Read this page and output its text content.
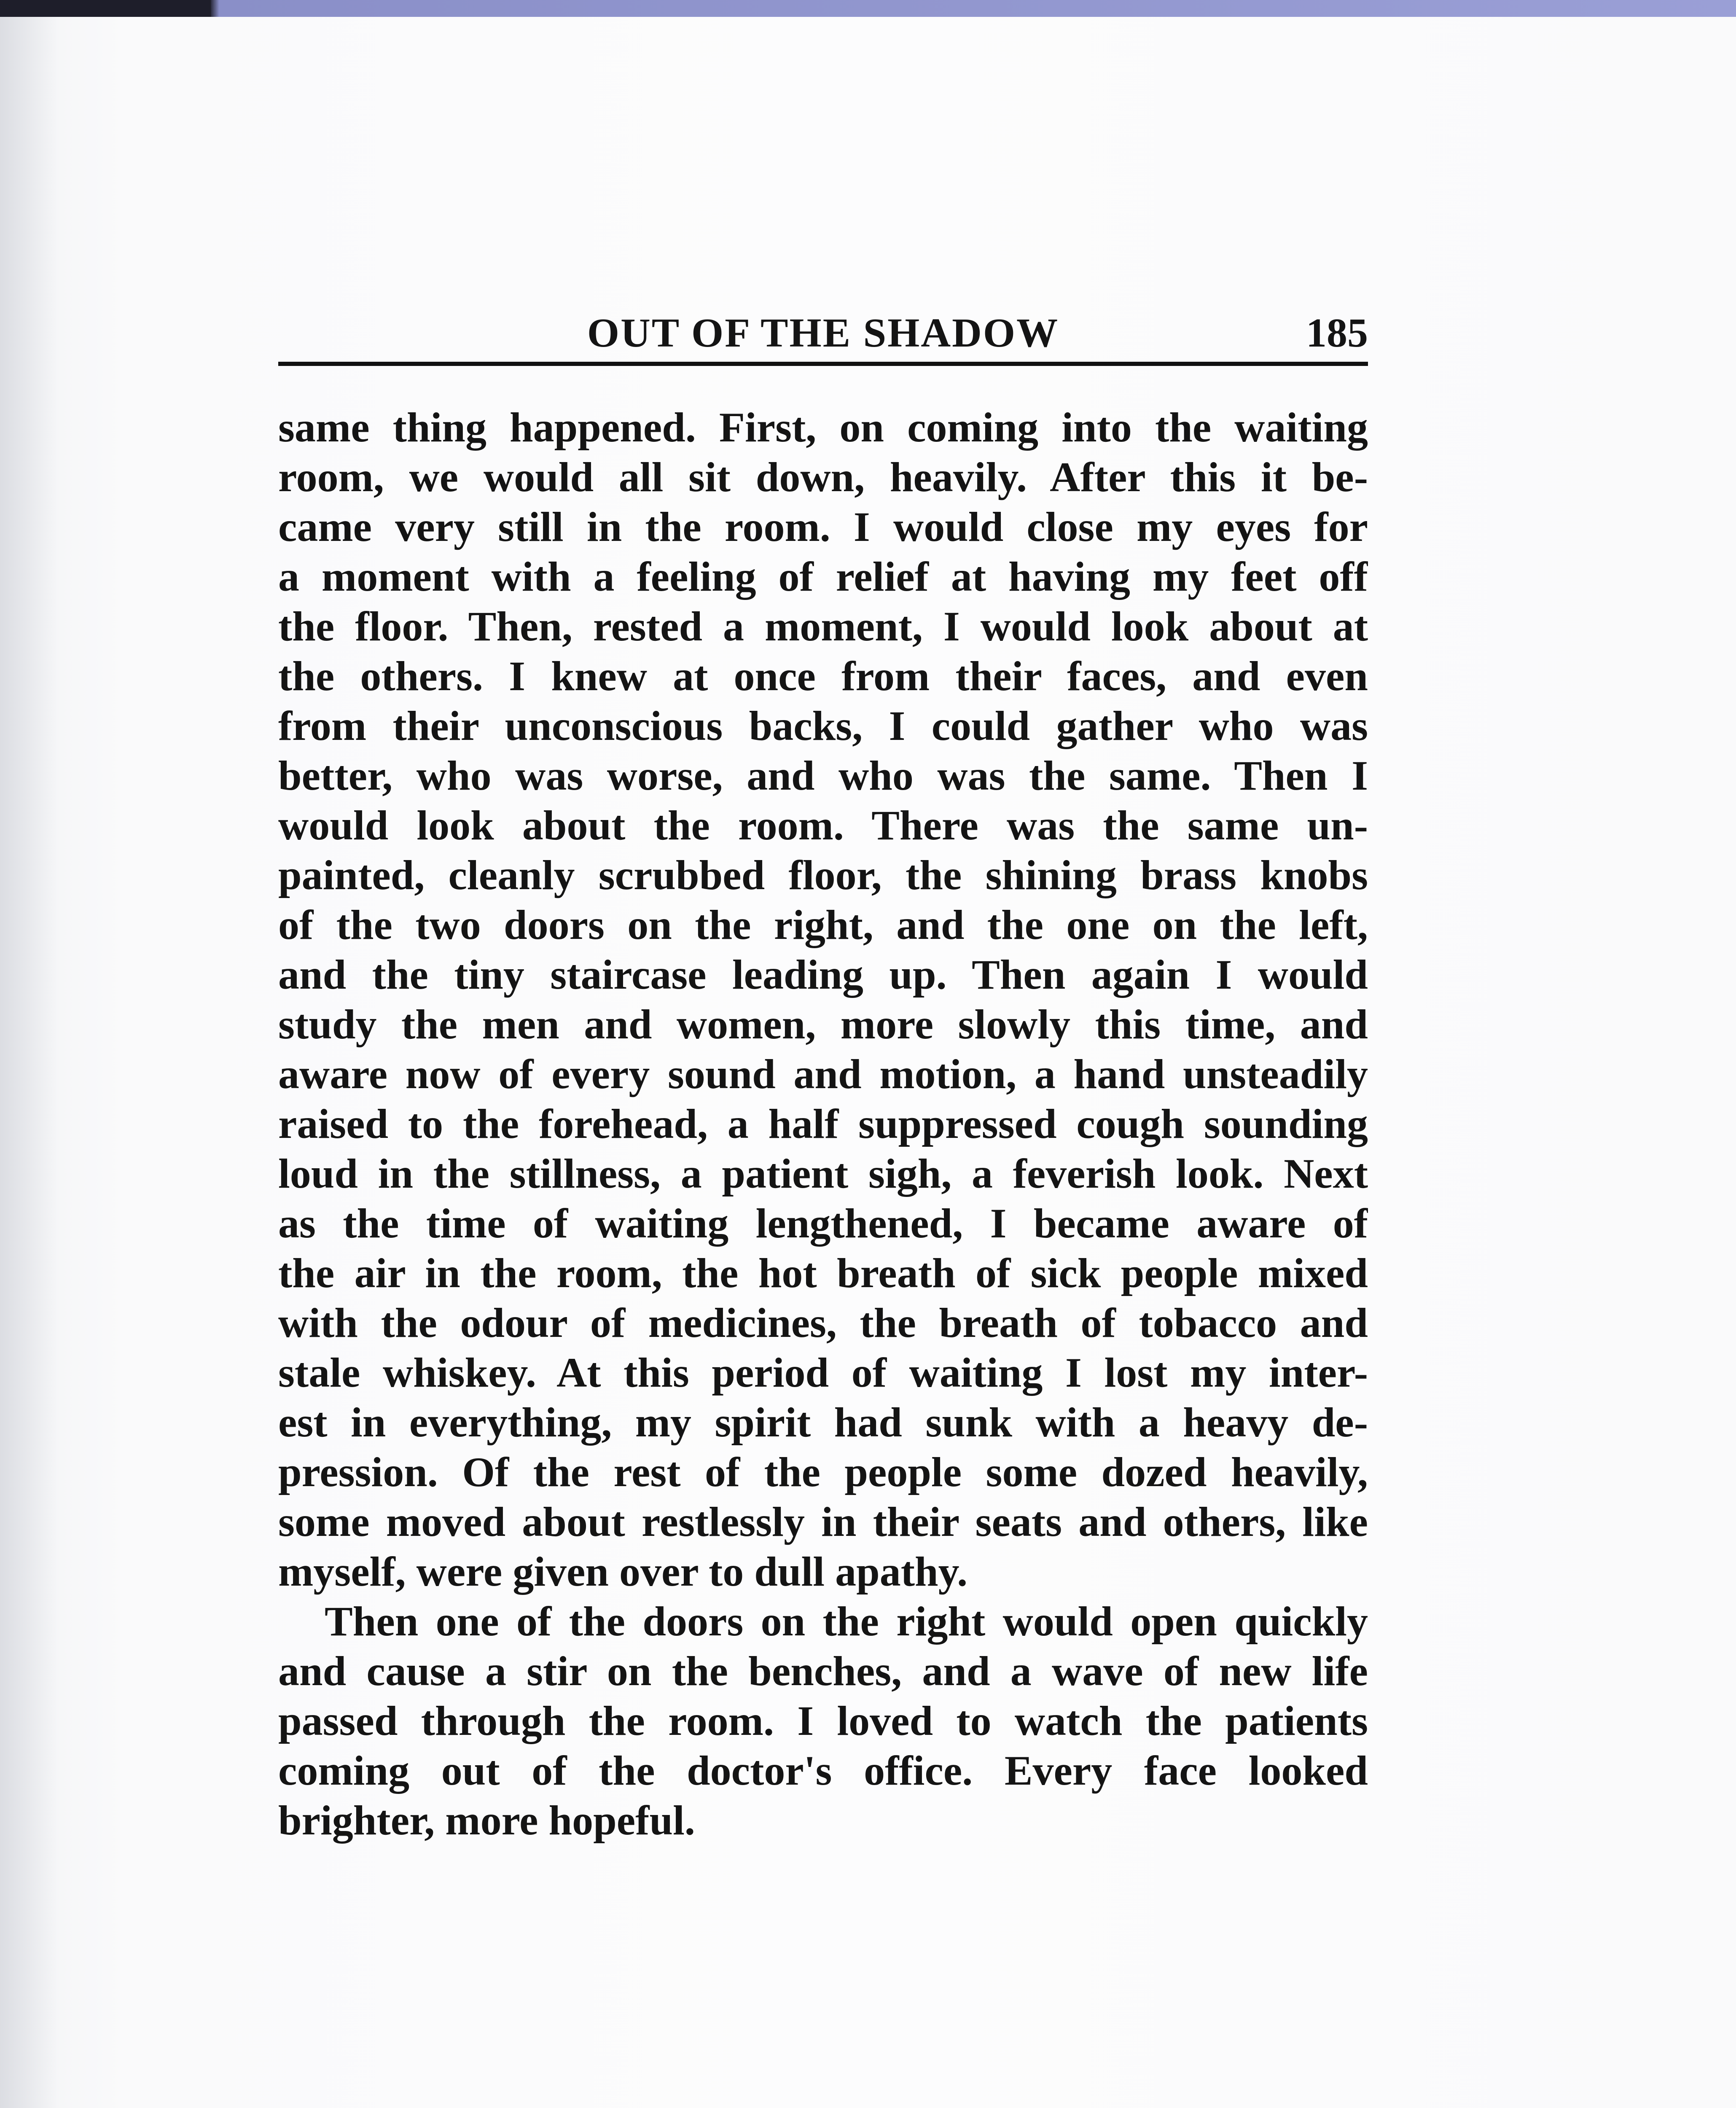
OUT OF THE SHADOW	185
same thing happened. First, on coming into the waiting
room, we would all sit down, heavily. After this it be-
came very still in the room. I would close my eyes for
a moment with a feeling of relief at having my feet off
the floor. Then, rested a moment, I would look about at
the others. I knew at once from their faces, and even
from their unconscious backs, I could gather who was
better, who was worse, and who was the same. Then I
would look about the room. There was the same un-
painted, cleanly scrubbed floor, the shining brass knobs
of the two doors on the right, and the one on the left,
and the tiny staircase leading up. Then again I would
study the men and women, more slowly this time, and
aware now of every sound and motion, a hand unsteadily
raised to the forehead, a half suppressed cough sounding
loud in the stillness, a patient sigh, a feverish look. Next
as the time of waiting lengthened, I became aware of
the air in the room, the hot breath of sick people mixed
with the odour of medicines, the breath of tobacco and
stale whiskey. At this period of waiting I lost my inter-
est in everything, my spirit had sunk with a heavy de-
pression. Of the rest of the people some dozed heavily,
some moved about restlessly in their seats and others, like
myself, were given over to dull apathy.
Then one of the doors on the right would open quickly
and cause a stir on the benches, and a wave of new life
passed through the room. I loved to watch the patients
coming out of the doctor's office. Every face looked
brighter, more hopeful.
